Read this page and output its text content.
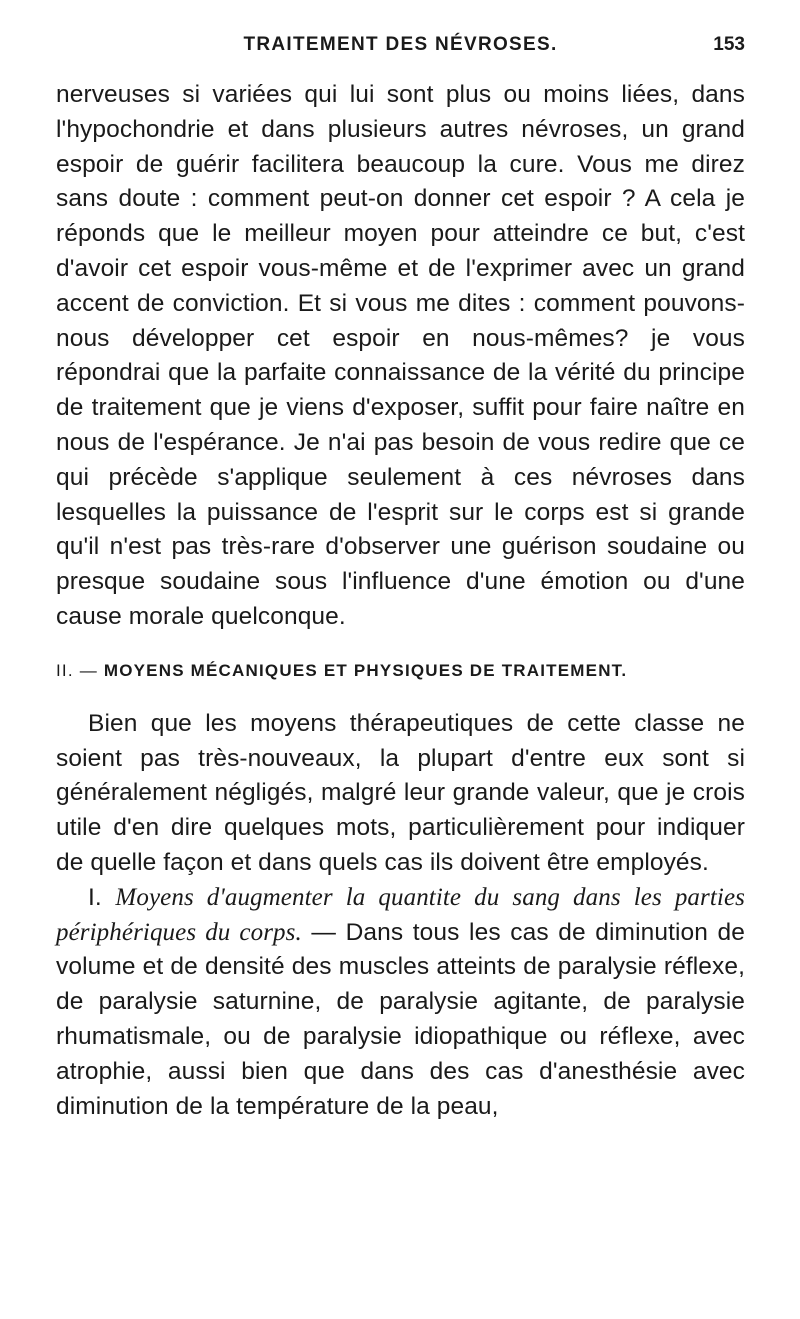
TRAITEMENT DES NÉVROSES.	153

nerveuses si variées qui lui sont plus ou moins liées, dans l'hypochondrie et dans plusieurs autres névroses, un grand espoir de guérir facilitera beaucoup la cure. Vous me direz sans doute : comment peut-on donner cet espoir ? A cela je réponds que le meilleur moyen pour atteindre ce but, c'est d'avoir cet espoir vous-même et de l'exprimer avec un grand accent de conviction. Et si vous me dites : comment pouvons-nous développer cet espoir en nous-mêmes? je vous répondrai que la parfaite connaissance de la vérité du principe de traitement que je viens d'exposer, suffit pour faire naître en nous de l'espérance. Je n'ai pas besoin de vous redire que ce qui précède s'applique seulement à ces névroses dans lesquelles la puissance de l'esprit sur le corps est si grande qu'il n'est pas très-rare d'observer une guérison soudaine ou presque soudaine sous l'influence d'une émotion ou d'une cause morale quelconque.

II. — MOYENS MÉCANIQUES ET PHYSIQUES DE TRAITEMENT.

Bien que les moyens thérapeutiques de cette classe ne soient pas très-nouveaux, la plupart d'entre eux sont si généralement négligés, malgré leur grande valeur, que je crois utile d'en dire quelques mots, particulièrement pour indiquer de quelle façon et dans quels cas ils doivent être employés.

I. Moyens d'augmenter la quantite du sang dans les parties périphériques du corps. — Dans tous les cas de diminution de volume et de densité des muscles atteints de paralysie réflexe, de paralysie saturnine, de paralysie agitante, de paralysie rhumatismale, ou de paralysie idiopathique ou réflexe, avec atrophie, aussi bien que dans des cas d'anesthésie avec diminution de la température de la peau,
